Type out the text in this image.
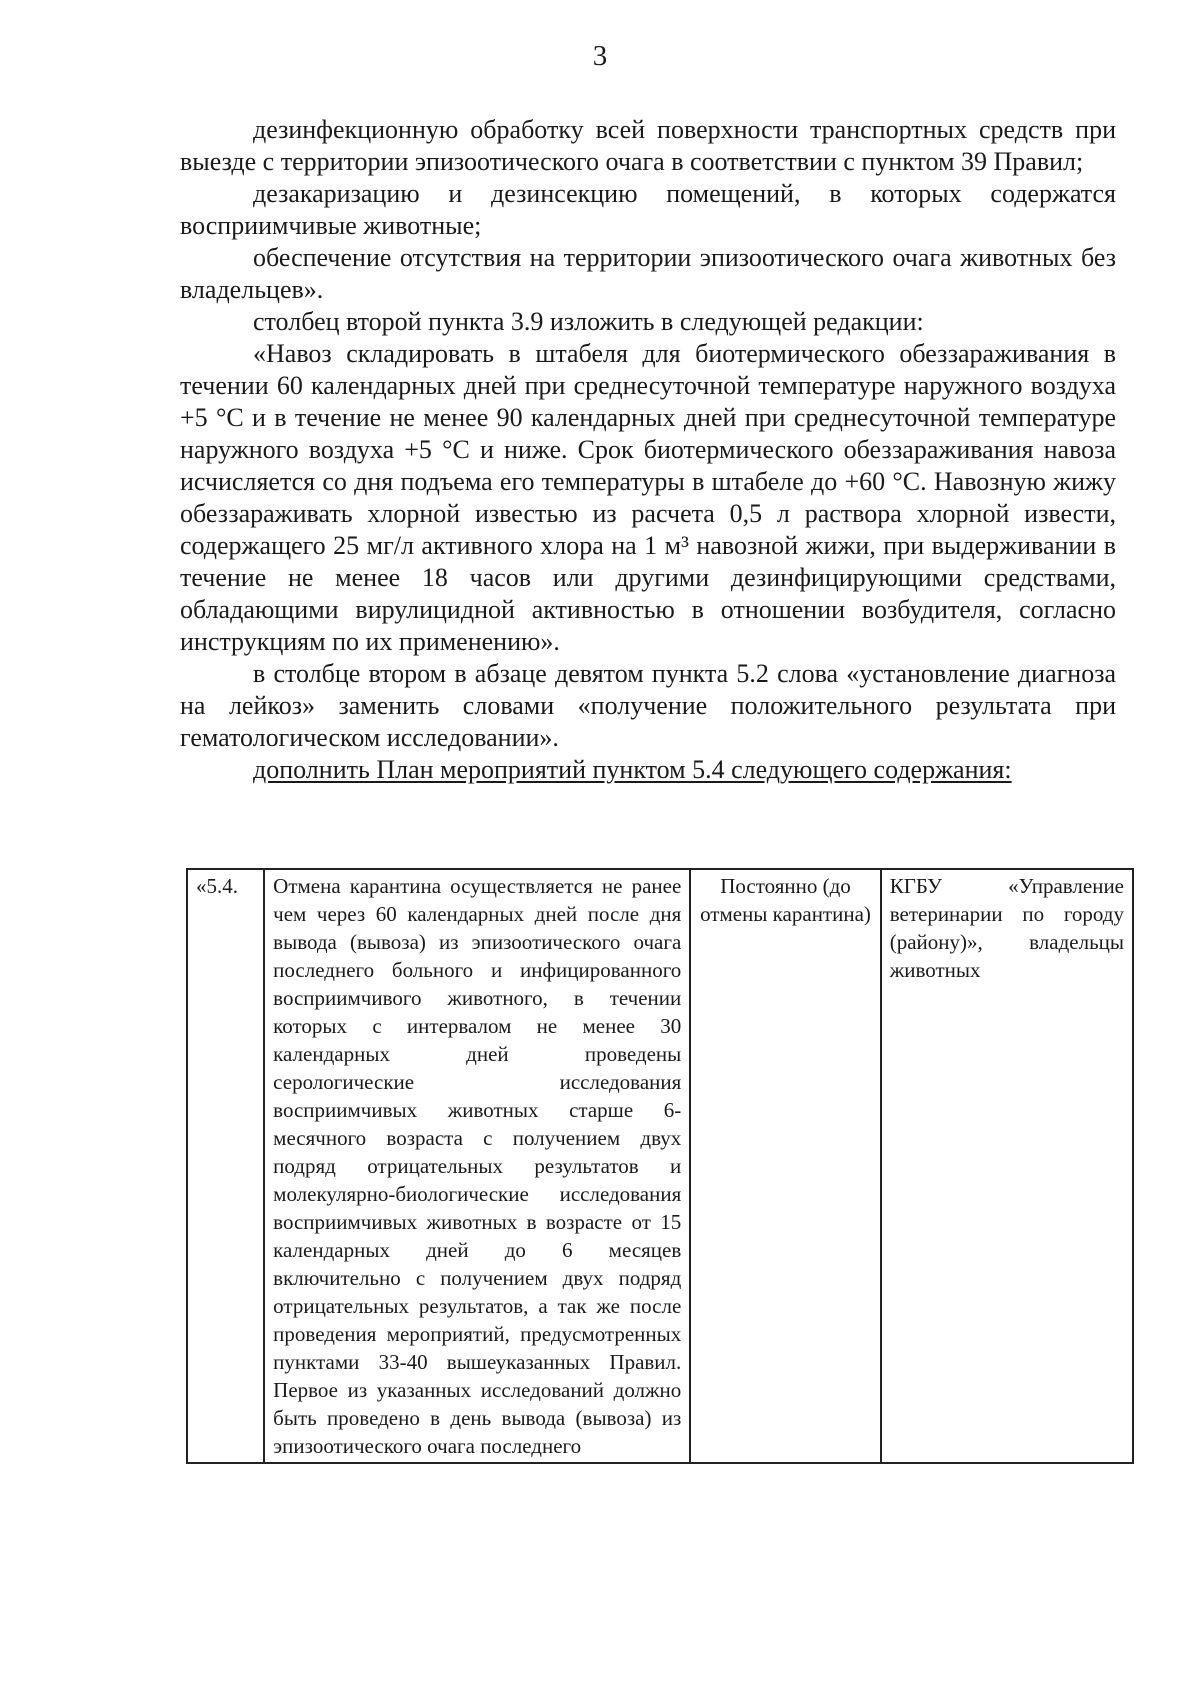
3

дезинфекционную обработку всей поверхности транспортных средств при выезде с территории эпизоотического очага в соответствии с пунктом 39 Правил;

дезакаризацию и дезинсекцию помещений, в которых содержатся восприимчивые животные;

обеспечение отсутствия на территории эпизоотического очага животных без владельцев».

столбец второй пункта 3.9 изложить в следующей редакции:

«Навоз складировать в штабеля для биотермического обеззараживания в течении 60 календарных дней при среднесуточной температуре наружного воздуха +5 °С и в течение не менее 90 календарных дней при среднесуточной температуре наружного воздуха +5 °С и ниже. Срок биотермического обеззараживания навоза исчисляется со дня подъема его температуры в штабеле до +60 °С. Навозную жижу обеззараживать хлорной известью из расчета 0,5 л раствора хлорной извести, содержащего 25 мг/л активного хлора на 1 м³ навозной жижи, при выдерживании в течение не менее 18 часов или другими дезинфицирующими средствами, обладающими вирулицидной активностью в отношении возбудителя, согласно инструкциям по их применению».

в столбце втором в абзаце девятом пункта 5.2 слова «установление диагноза на лейкоз» заменить словами «получение положительного результата при гематологическом исследовании».

дополнить План мероприятий пунктом 5.4 следующего содержания:

«5.4.	Отмена карантина осуществляется не ранее чем через 60 календарных дней после дня вывода (вывоза) из эпизоотического очага последнего больного и инфицированного восприимчивого животного, в течении которых с интервалом не менее 30 календарных дней проведены серологические исследования восприимчивых животных старше 6-месячного возраста с получением двух подряд отрицательных результатов и молекулярно-биологические исследования восприимчивых животных в возрасте от 15 календарных дней до 6 месяцев включительно с получением двух подряд отрицательных результатов, а так же после проведения мероприятий, предусмотренных пунктами 33-40 вышеуказанных Правил. Первое из указанных исследований должно быть проведено в день вывода (вывоза) из эпизоотического очага последнего	Постоянно (до отмены карантина)	КГБУ «Управление ветеринарии по городу (району)», владельцы животных
